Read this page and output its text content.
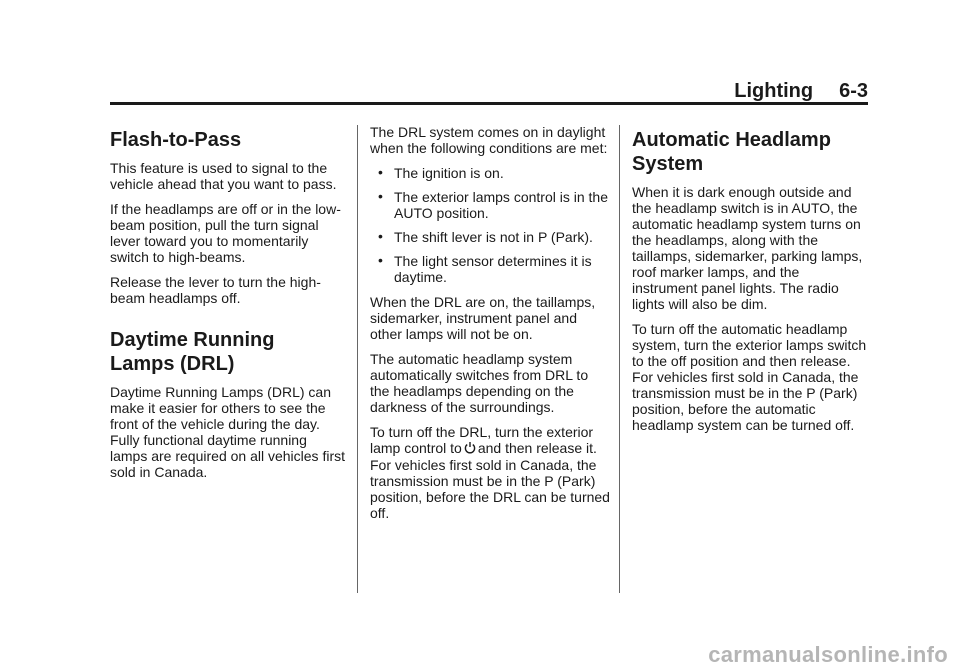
Lighting 6-3
Flash-to-Pass

This feature is used to signal to the vehicle ahead that you want to pass.

If the headlamps are off or in the low-beam position, pull the turn signal lever toward you to momentarily switch to high-beams.

Release the lever to turn the high-beam headlamps off.

Daytime Running Lamps (DRL)

Daytime Running Lamps (DRL) can make it easier for others to see the front of the vehicle during the day. Fully functional daytime running lamps are required on all vehicles first sold in Canada.

The DRL system comes on in daylight when the following conditions are met:

• The ignition is on.
• The exterior lamps control is in the AUTO position.
• The shift lever is not in P (Park).
• The light sensor determines it is daytime.

When the DRL are on, the taillamps, sidemarker, instrument panel and other lamps will not be on.

The automatic headlamp system automatically switches from DRL to the headlamps depending on the darkness of the surroundings.

To turn off the DRL, turn the exterior lamp control to and then release it. For vehicles first sold in Canada, the transmission must be in the P (Park) position, before the DRL can be turned off.

Automatic Headlamp System

When it is dark enough outside and the headlamp switch is in AUTO, the automatic headlamp system turns on the headlamps, along with the taillamps, sidemarker, parking lamps, roof marker lamps, and the instrument panel lights. The radio lights will also be dim.

To turn off the automatic headlamp system, turn the exterior lamps switch to the off position and then release. For vehicles first sold in Canada, the transmission must be in the P (Park) position, before the automatic headlamp system can be turned off.

carmanualsonline.info
